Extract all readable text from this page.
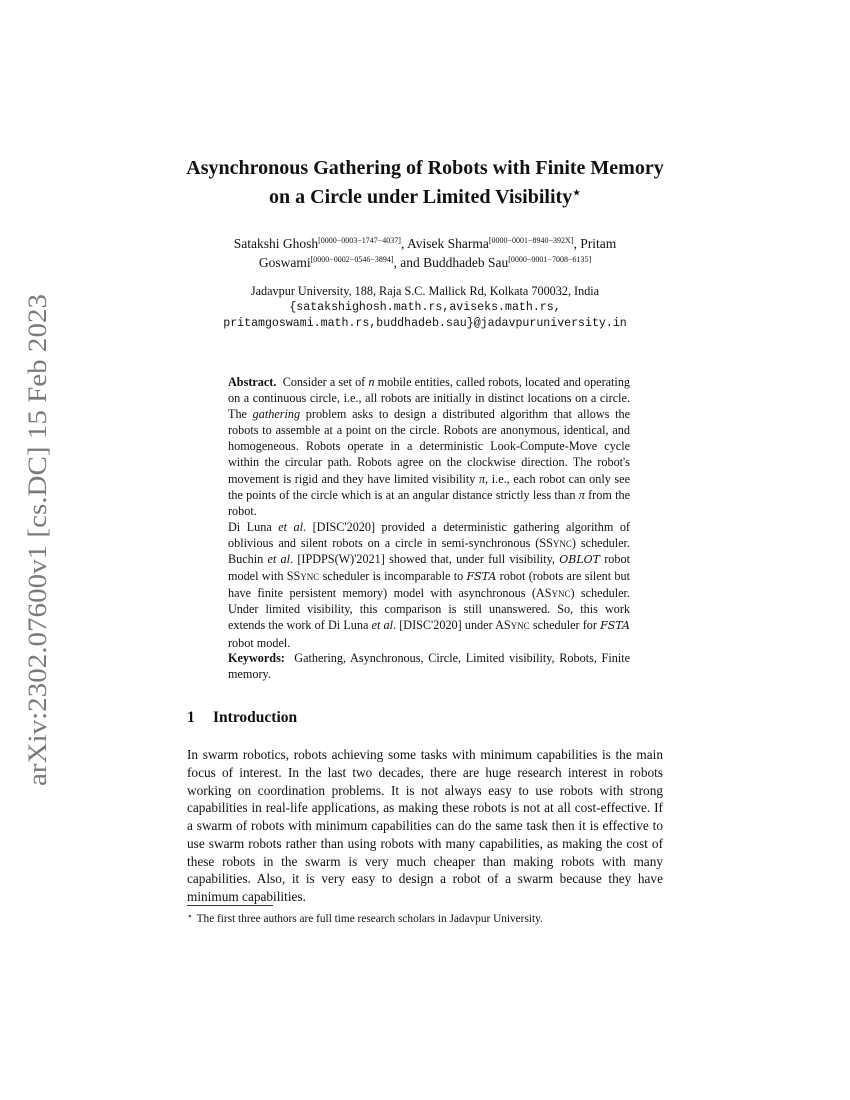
arXiv:2302.07600v1 [cs.DC] 15 Feb 2023
Asynchronous Gathering of Robots with Finite Memory
on a Circle under Limited Visibility⋆
Satakshi Ghosh[0000−0003−1747−4037], Avisek Sharma[0000−0001−8940−392X], Pritam Goswami[0000−0002−0546−3894], and Buddhadeb Sau[0000−0001−7008−6135]
Jadavpur University, 188, Raja S.C. Mallick Rd, Kolkata 700032, India
{satakshighosh.math.rs,aviseks.math.rs,
pritamgoswami.math.rs,buddhadeb.sau}@jadavpuruniversity.in

Abstract. Consider a set of n mobile entities, called robots, located and operating on a continuous circle, i.e., all robots are initially in distinct locations on a circle. The gathering problem asks to design a distributed algorithm that allows the robots to assemble at a point on the circle. Robots are anonymous, identical, and homogeneous. Robots operate in a deterministic Look-Compute-Move cycle within the circular path. Robots agree on the clockwise direction. The robot's movement is rigid and they have limited visibility π, i.e., each robot can only see the points of the circle which is at an angular distance strictly less than π from the robot.

Di Luna et al. [DISC'2020] provided a deterministic gathering algorithm of oblivious and silent robots on a circle in semi-synchronous (SSync) scheduler. Buchin et al. [IPDPS(W)'2021] showed that, under full visibility, OBLOT robot model with SSync scheduler is incomparable to FSTA robot (robots are silent but have finite persistent memory) model with asynchronous (ASync) scheduler. Under limited visibility, this comparison is still unanswered. So, this work extends the work of Di Luna et al. [DISC'2020] under ASync scheduler for FSTA robot model.

Keywords: Gathering, Asynchronous, Circle, Limited visibility, Robots, Finite memory.

1 Introduction

In swarm robotics, robots achieving some tasks with minimum capabilities is the main focus of interest. In the last two decades, there are huge research interest in robots working on coordination problems. It is not always easy to use robots with strong capabilities in real-life applications, as making these robots is not at all cost-effective. If a swarm of robots with minimum capabilities can do the same task then it is effective to use swarm robots rather than using robots with many capabilities, as making the cost of these robots in the swarm is very much cheaper than making robots with many capabilities. Also, it is very easy to design a robot of a swarm because they have minimum capabilities.

⋆ The first three authors are full time research scholars in Jadavpur University.
